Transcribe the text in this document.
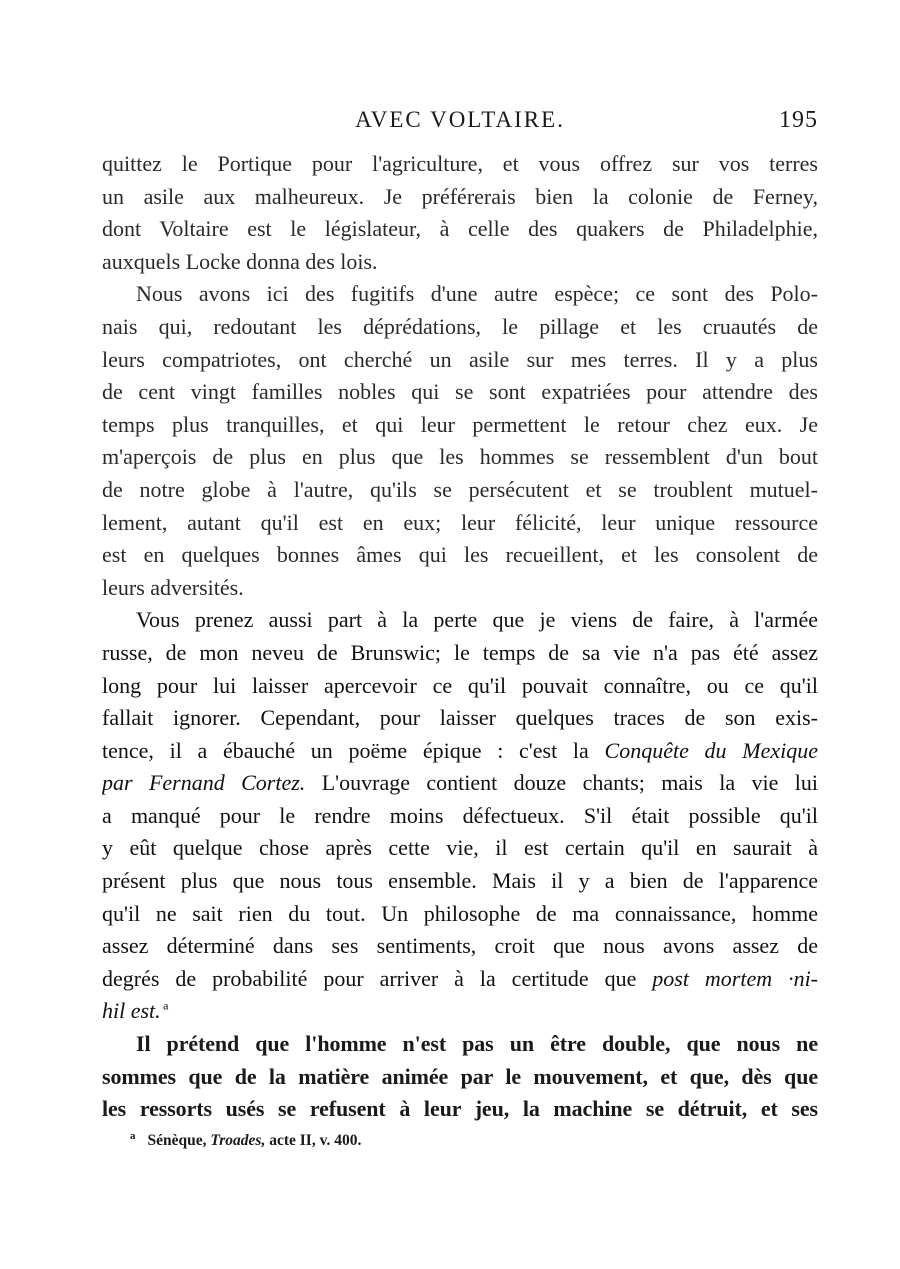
AVEC VOLTAIRE.	195
quittez le Portique pour l'agriculture, et vous offrez sur vos terres
un asile aux malheureux. Je préférerais bien la colonie de Ferney,
dont Voltaire est le législateur, à celle des quakers de Philadelphie,
auxquels Locke donna des lois.
Nous avons ici des fugitifs d'une autre espèce; ce sont des Polo-
nais qui, redoutant les déprédations, le pillage et les cruautés de
leurs compatriotes, ont cherché un asile sur mes terres. Il y a plus
de cent vingt familles nobles qui se sont expatriées pour attendre des
temps plus tranquilles, et qui leur permettent le retour chez eux. Je
m'aperçois de plus en plus que les hommes se ressemblent d'un bout
de notre globe à l'autre, qu'ils se persécutent et se troublent mutuel-
lement, autant qu'il est en eux; leur félicité, leur unique ressource
est en quelques bonnes âmes qui les recueillent, et les consolent de
leurs adversités.
Vous prenez aussi part à la perte que je viens de faire, à l'armée
russe, de mon neveu de Brunswic; le temps de sa vie n'a pas été assez
long pour lui laisser apercevoir ce qu'il pouvait connaître, ou ce qu'il
fallait ignorer. Cependant, pour laisser quelques traces de son exis-
tence, il a ébauché un poëme épique : c'est la Conquête du Mexique
par Fernand Cortez. L'ouvrage contient douze chants; mais la vie lui
a manqué pour le rendre moins défectueux. S'il était possible qu'il
y eût quelque chose après cette vie, il est certain qu'il en saurait à
présent plus que nous tous ensemble. Mais il y a bien de l'apparence
qu'il ne sait rien du tout. Un philosophe de ma connaissance, homme
assez déterminé dans ses sentiments, croit que nous avons assez de
degrés de probabilité pour arriver à la certitude que post mortem ·ni-
hil est.  $^a$
Il prétend que l'homme n'est pas un être double, que nous ne
sommes que de la matière animée par le mouvement, et que, dès que
les ressorts usés se refusent à leur jeu, la machine se détruit, et ses
$^a$ Sénèque, Troades, acte II, v. 400.
